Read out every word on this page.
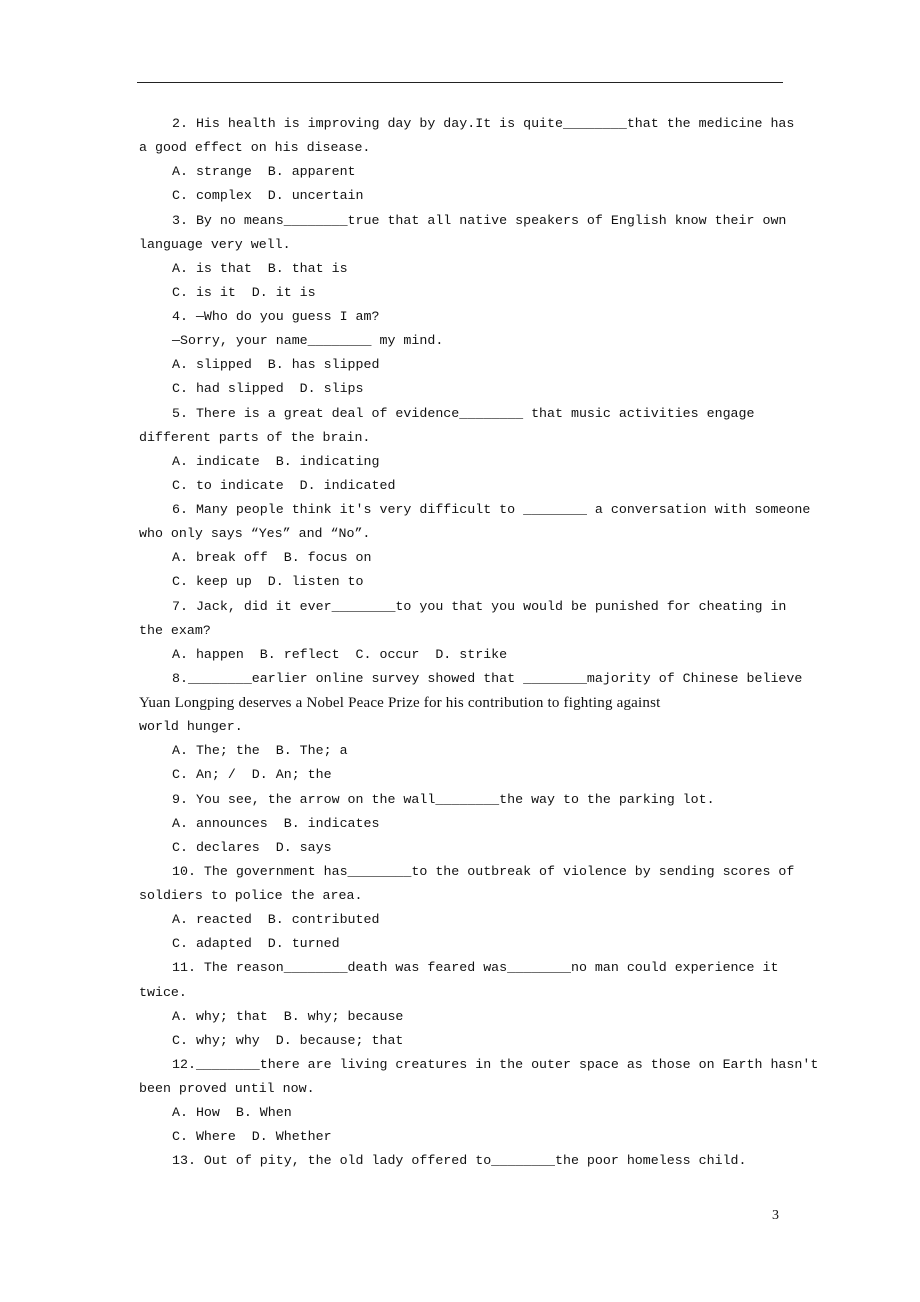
2. His health is improving day by day.It is quite________that the medicine has
a good effect on his disease.
A. strange  B. apparent
C. complex  D. uncertain
3. By no means________true that all native speakers of English know their own
language very well.
A. is that  B. that is
C. is it  D. it is
4. —Who do you guess I am?
—Sorry, your name________ my mind.
A. slipped  B. has slipped
C. had slipped  D. slips
5. There is a great deal of evidence________ that music activities engage
different parts of the brain.
A. indicate  B. indicating
C. to indicate  D. indicated
6. Many people think it's very difficult to ________ a conversation with someone
who only says “Yes” and “No”.
A. break off  B. focus on
C. keep up  D. listen to
7. Jack, did it ever________to you that you would be punished for cheating in
the exam?
A. happen  B. reflect  C. occur  D. strike
8.________earlier online survey showed that ________majority of Chinese believe
Yuan Longping deserves a Nobel Peace Prize for his contribution to fighting against
world hunger.
A. The; the  B. The; a
C. An; /  D. An; the
9. You see, the arrow on the wall________the way to the parking lot.
A. announces  B. indicates
C. declares  D. says
10. The government has________to the outbreak of violence by sending scores of
soldiers to police the area.
A. reacted  B. contributed
C. adapted  D. turned
11. The reason________death was feared was________no man could experience it
twice.
A. why; that  B. why; because
C. why; why  D. because; that
12.________there are living creatures in the outer space as those on Earth hasn't
been proved until now.
A. How  B. When
C. Where  D. Whether
13. Out of pity, the old lady offered to________the poor homeless child.
3
